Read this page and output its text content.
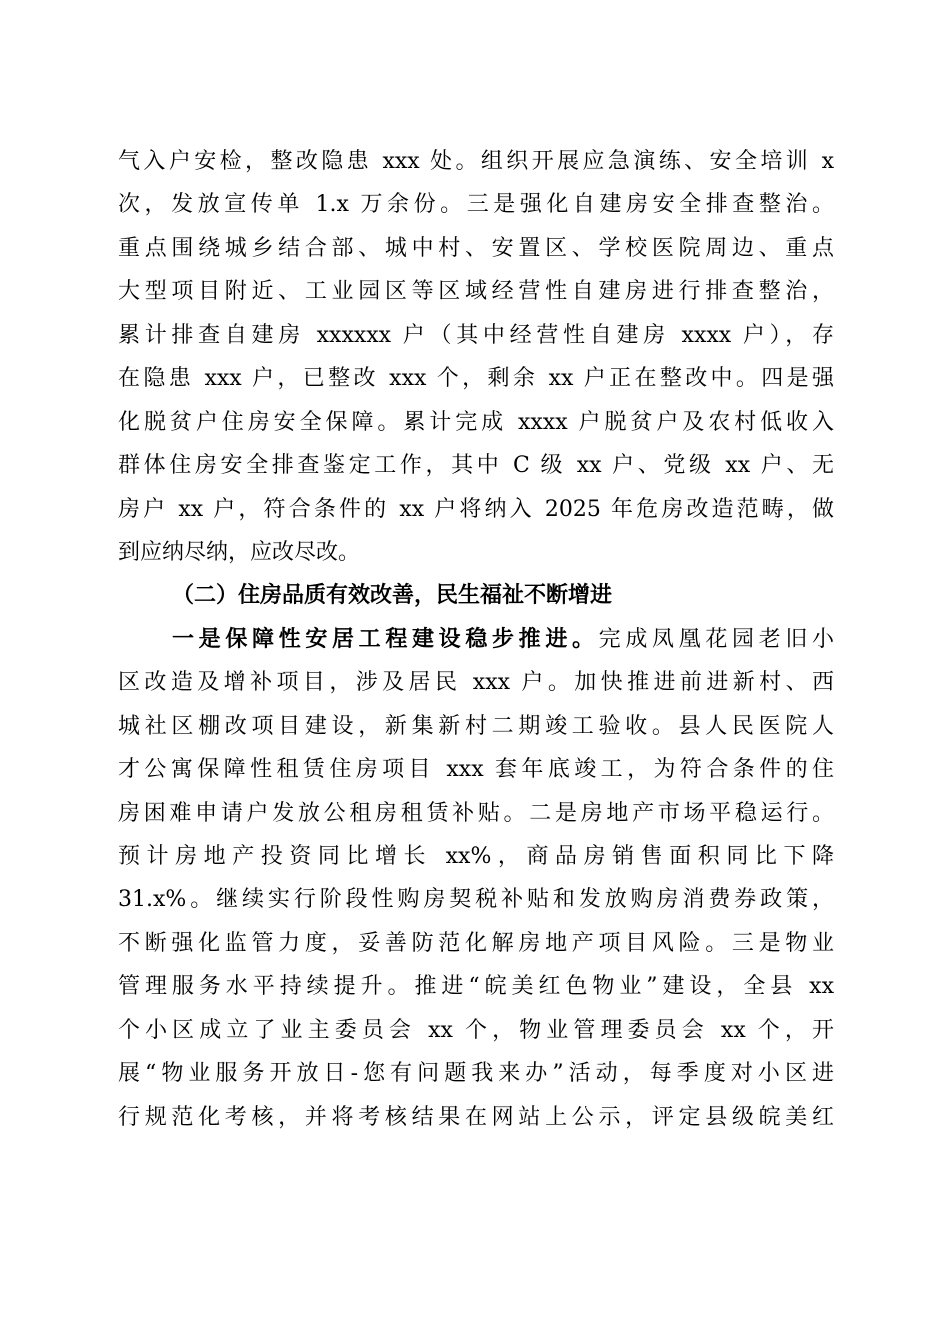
气入户安检，整改隐患 xxx 处。组织开展应急演练、安全培训 x
次，发放宣传单 1.x 万余份。三是强化自建房安全排查整治。
重点围绕城乡结合部、城中村、安置区、学校医院周边、重点
大型项目附近、工业园区等区域经营性自建房进行排查整治，
累计排查自建房 xxxxxx 户（其中经营性自建房 xxxx 户），存
在隐患 xxx 户，已整改 xxx 个，剩余 xx 户正在整改中。四是强
化脱贫户住房安全保障。累计完成 xxxx 户脱贫户及农村低收入
群体住房安全排查鉴定工作，其中 C 级 xx 户、党级 xx 户、无
房户 xx 户，符合条件的 xx 户将纳入 2025 年危房改造范畴，做
到应纳尽纳，应改尽改。
（二）住房品质有效改善，民生福祉不断增进
一是保障性安居工程建设稳步推进。完成凤凰花园老旧小
区改造及增补项目，涉及居民 xxx 户。加快推进前进新村、西
城社区棚改项目建设，新集新村二期竣工验收。县人民医院人
才公寓保障性租赁住房项目 xxx 套年底竣工，为符合条件的住
房困难申请户发放公租房租赁补贴。二是房地产市场平稳运行。
预计房地产投资同比增长 xx%，商品房销售面积同比下降
31.x%。继续实行阶段性购房契税补贴和发放购房消费券政策，
不断强化监管力度，妥善防范化解房地产项目风险。三是物业
管理服务水平持续提升。推进“皖美红色物业”建设，全县 xx
个小区成立了业主委员会 xx 个，物业管理委员会 xx 个，开
展“物业服务开放日-您有问题我来办”活动，每季度对小区进
行规范化考核，并将考核结果在网站上公示，评定县级皖美红
